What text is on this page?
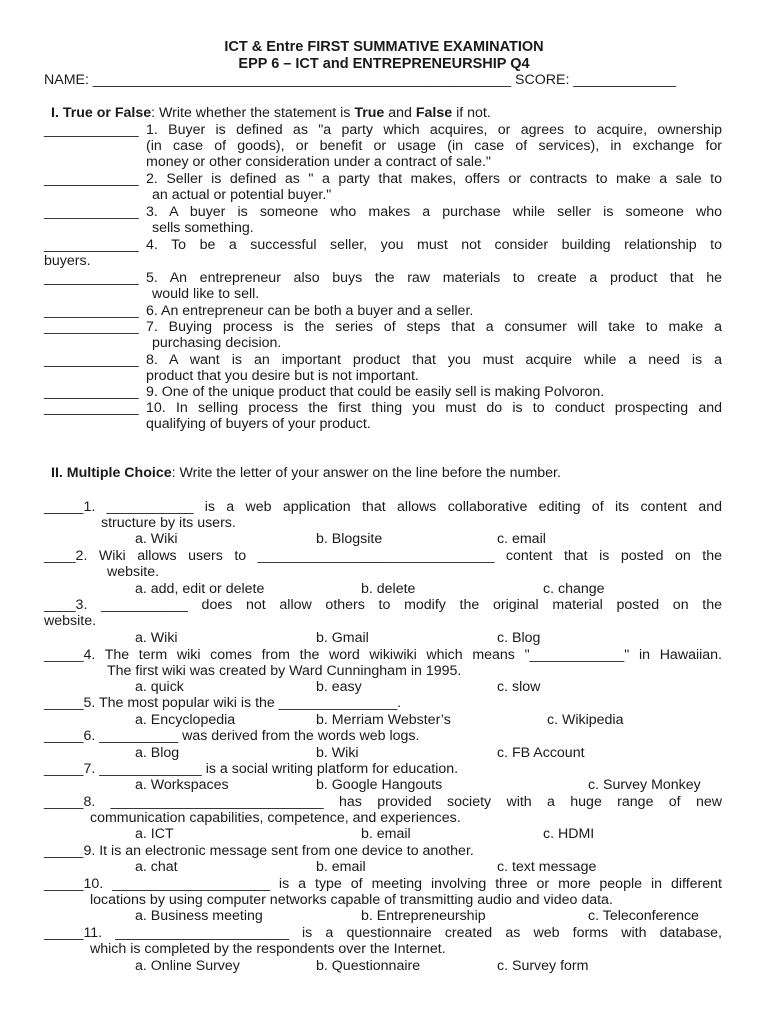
ICT & Entre FIRST SUMMATIVE EXAMINATION
EPP 6 – ICT and ENTREPRENEURSHIP Q4
NAME: _____________________________________________________ SCORE: _____________
I. True or False: Write whether the statement is True and False if not.
____________ 1. Buyer is defined as "a party which acquires, or agrees to acquire, ownership
(in case of goods), or benefit or usage (in case of services), in exchange for
money or other consideration under a contract of sale."
____________ 2. Seller is defined as " a party that makes, offers or contracts to make a sale to
an actual or potential buyer."
____________ 3. A buyer is someone who makes a purchase while seller is someone who
sells something.
____________ 4. To be a successful seller, you must not consider building relationship to
buyers.
____________ 5. An entrepreneur also buys the raw materials to create a product that he
would like to sell.
____________ 6. An entrepreneur can be both a buyer and a seller.
____________ 7. Buying process is the series of steps that a consumer will take to make a
purchasing decision.
____________ 8. A want is an important product that you must acquire while a need is a
product that you desire but is not important.
____________ 9. One of the unique product that could be easily sell is making Polvoron.
____________ 10. In selling process the first thing you must do is to conduct prospecting and
qualifying of buyers of your product.
II. Multiple Choice: Write the letter of your answer on the line before the number.
_____1. ___________ is a web application that allows collaborative editing of its content and
structure by its users.
a. Wiki	b. Blogsite	c. email
____2. Wiki allows users to ______________________________ content that is posted on the
website.
a. add, edit or delete	b. delete	c. change
____3. ___________ does not allow others to modify the original material posted on the
website.
a. Wiki	b. Gmail	c. Blog
_____4. The term wiki comes from the word wikiwiki which means "____________" in Hawaiian.
The first wiki was created by Ward Cunningham in 1995.
a. quick	b. easy	c. slow
_____5. The most popular wiki is the _______________.
a. Encyclopedia	b. Merriam Webster’s	c. Wikipedia
_____6. __________ was derived from the words web logs.
a. Blog	b. Wiki	c. FB Account
_____7. _____________ is a social writing platform for education.
a. Workspaces	b. Google Hangouts	c. Survey Monkey
_____8. ___________________________ has provided society with a huge range of new
communication capabilities, competence, and experiences.
a. ICT	b. email	c. HDMI
_____9. It is an electronic message sent from one device to another.
a. chat	b. email	c. text message
_____10. ____________________ is a type of meeting involving three or more people in different
locations by using computer networks capable of transmitting audio and video data.
a. Business meeting	b. Entrepreneurship	c. Teleconference
_____11. ______________________ is a questionnaire created as web forms with database,
which is completed by the respondents over the Internet.
a. Online Survey	b. Questionnaire	c. Survey form
